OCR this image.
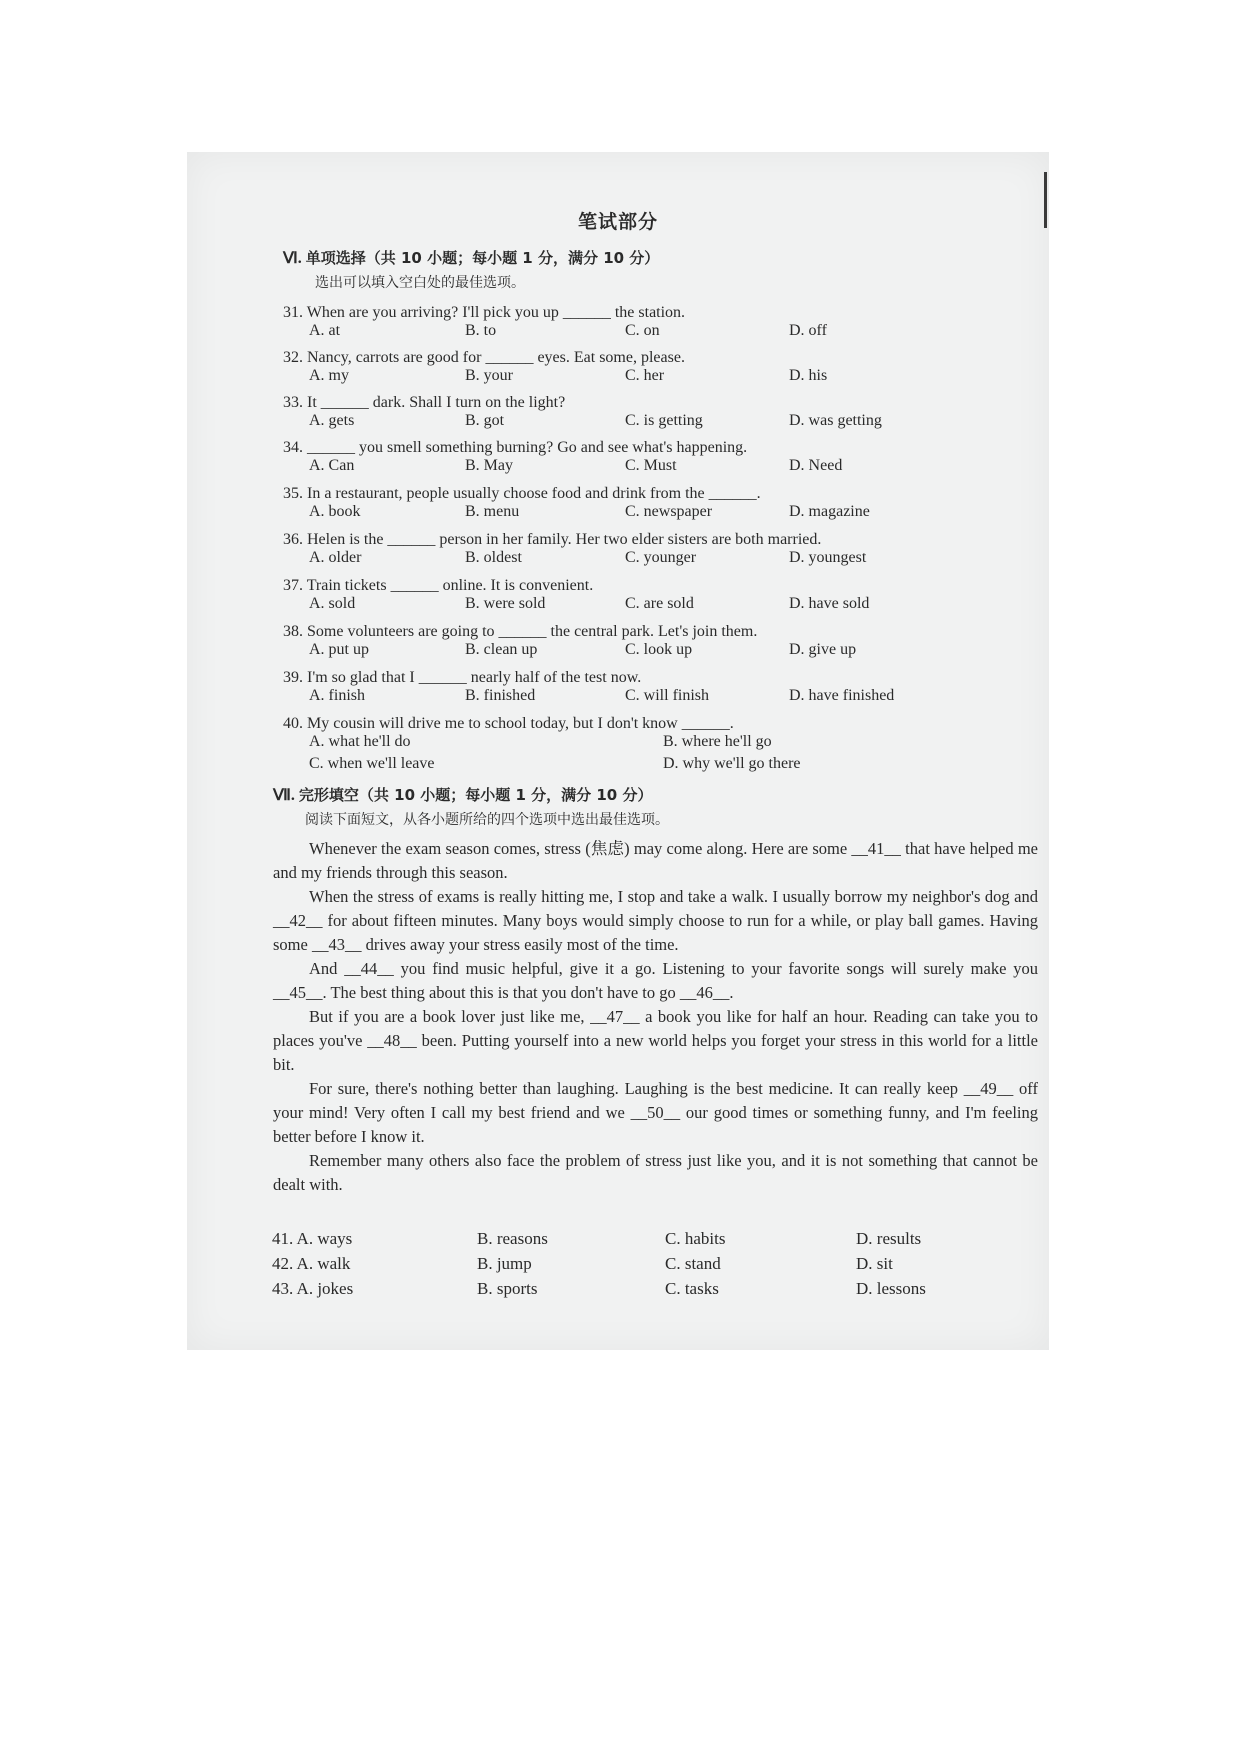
笔试部分
Ⅵ. 单项选择（共 10 小题；每小题 1 分，满分 10 分）
选出可以填入空白处的最佳选项。
31. When are you arriving? I'll pick you up ______ the station.
A. at	B. to	C. on	D. off
32. Nancy, carrots are good for ______ eyes. Eat some, please.
A. my	B. your	C. her	D. his
33. It ______ dark. Shall I turn on the light?
A. gets	B. got	C. is getting	D. was getting
34. ______ you smell something burning? Go and see what's happening.
A. Can	B. May	C. Must	D. Need
35. In a restaurant, people usually choose food and drink from the ______.
A. book	B. menu	C. newspaper	D. magazine
36. Helen is the ______ person in her family. Her two elder sisters are both married.
A. older	B. oldest	C. younger	D. youngest
37. Train tickets ______ online. It is convenient.
A. sold	B. were sold	C. are sold	D. have sold
38. Some volunteers are going to ______ the central park. Let's join them.
A. put up	B. clean up	C. look up	D. give up
39. I'm so glad that I ______ nearly half of the test now.
A. finish	B. finished	C. will finish	D. have finished
40. My cousin will drive me to school today, but I don't know ______.
A. what he'll do	B. where he'll go
C. when we'll leave	D. why we'll go there
Ⅶ. 完形填空（共 10 小题；每小题 1 分，满分 10 分）
阅读下面短文，从各小题所给的四个选项中选出最佳选项。

Whenever the exam season comes, stress (焦虑) may come along. Here are some __41__ that have helped me and my friends through this season.

When the stress of exams is really hitting me, I stop and take a walk. I usually borrow my neighbor's dog and __42__ for about fifteen minutes. Many boys would simply choose to run for a while, or play ball games. Having some __43__ drives away your stress easily most of the time.

And __44__ you find music helpful, give it a go. Listening to your favorite songs will surely make you __45__. The best thing about this is that you don't have to go __46__.

But if you are a book lover just like me, __47__ a book you like for half an hour. Reading can take you to places you've __48__ been. Putting yourself into a new world helps you forget your stress in this world for a little bit.

For sure, there's nothing better than laughing. Laughing is the best medicine. It can really keep __49__ off your mind! Very often I call my best friend and we __50__ our good times or something funny, and I'm feeling better before I know it.

Remember many others also face the problem of stress just like you, and it is not something that cannot be dealt with.

41. A. ways	B. reasons	C. habits	D. results
42. A. walk	B. jump	C. stand	D. sit
43. A. jokes	B. sports	C. tasks	D. lessons
